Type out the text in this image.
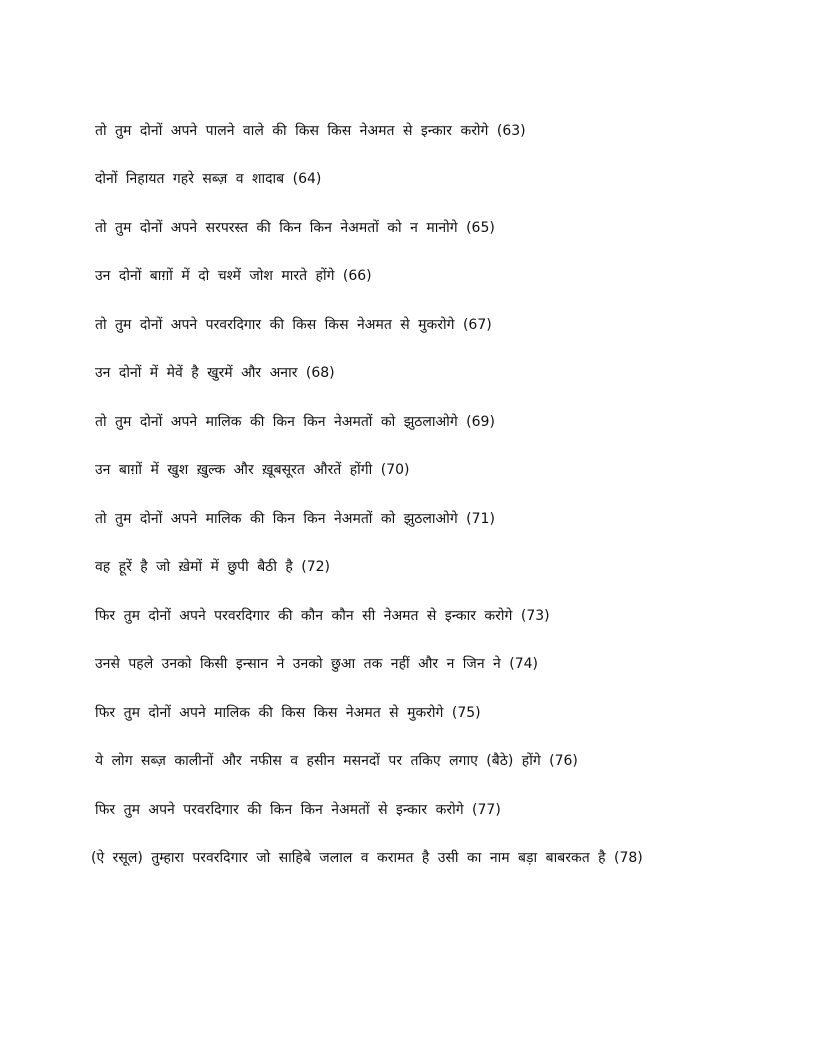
तो तुम दोनों अपने पालने वाले की किस किस नेअमत से इन्कार करोगे (63)

दोनों निहायत गहरे सब्ज़ व शादाब (64)

तो तुम दोनों अपने सरपरस्त की किन किन नेअमतों को न मानोगे (65)

उन दोनों बाग़ों में दो चश्में जोश मारते होंगे (66)

तो तुम दोनों अपने परवरदिगार की किस किस नेअमत से मुकरोगे (67)

उन दोनों में मेवें है खुरमें और अनार (68)

तो तुम दोनों अपने मालिक की किन किन नेअमतों को झुठलाओगे (69)

उन बाग़ों में खुश ख़ुल्क और ख़ूबसूरत औरतें होंगी (70)

तो तुम दोनों अपने मालिक की किन किन नेअमतों को झुठलाओगे (71)

वह हूरें है जो ख़ेमों में छुपी बैठी है (72)

फिर तुम दोनों अपने परवरदिगार की कौन कौन सी नेअमत से इन्कार करोगे (73)

उनसे पहले उनको किसी इन्सान ने उनको छुआ तक नहीं और न जिन ने (74)

फिर तुम दोनों अपने मालिक की किस किस नेअमत से मुकरोगे (75)

ये लोग सब्ज़ कालीनों और नफीस व हसीन मसनदों पर तकिए लगाए (बैठे) होंगे (76)

फिर तुम अपने परवरदिगार की किन किन नेअमतों से इन्कार करोगे (77)

(ऐ रसूल) तुम्हारा परवरदिगार जो साहिबे जलाल व करामत है उसी का नाम बड़ा बाबरकत है (78)
